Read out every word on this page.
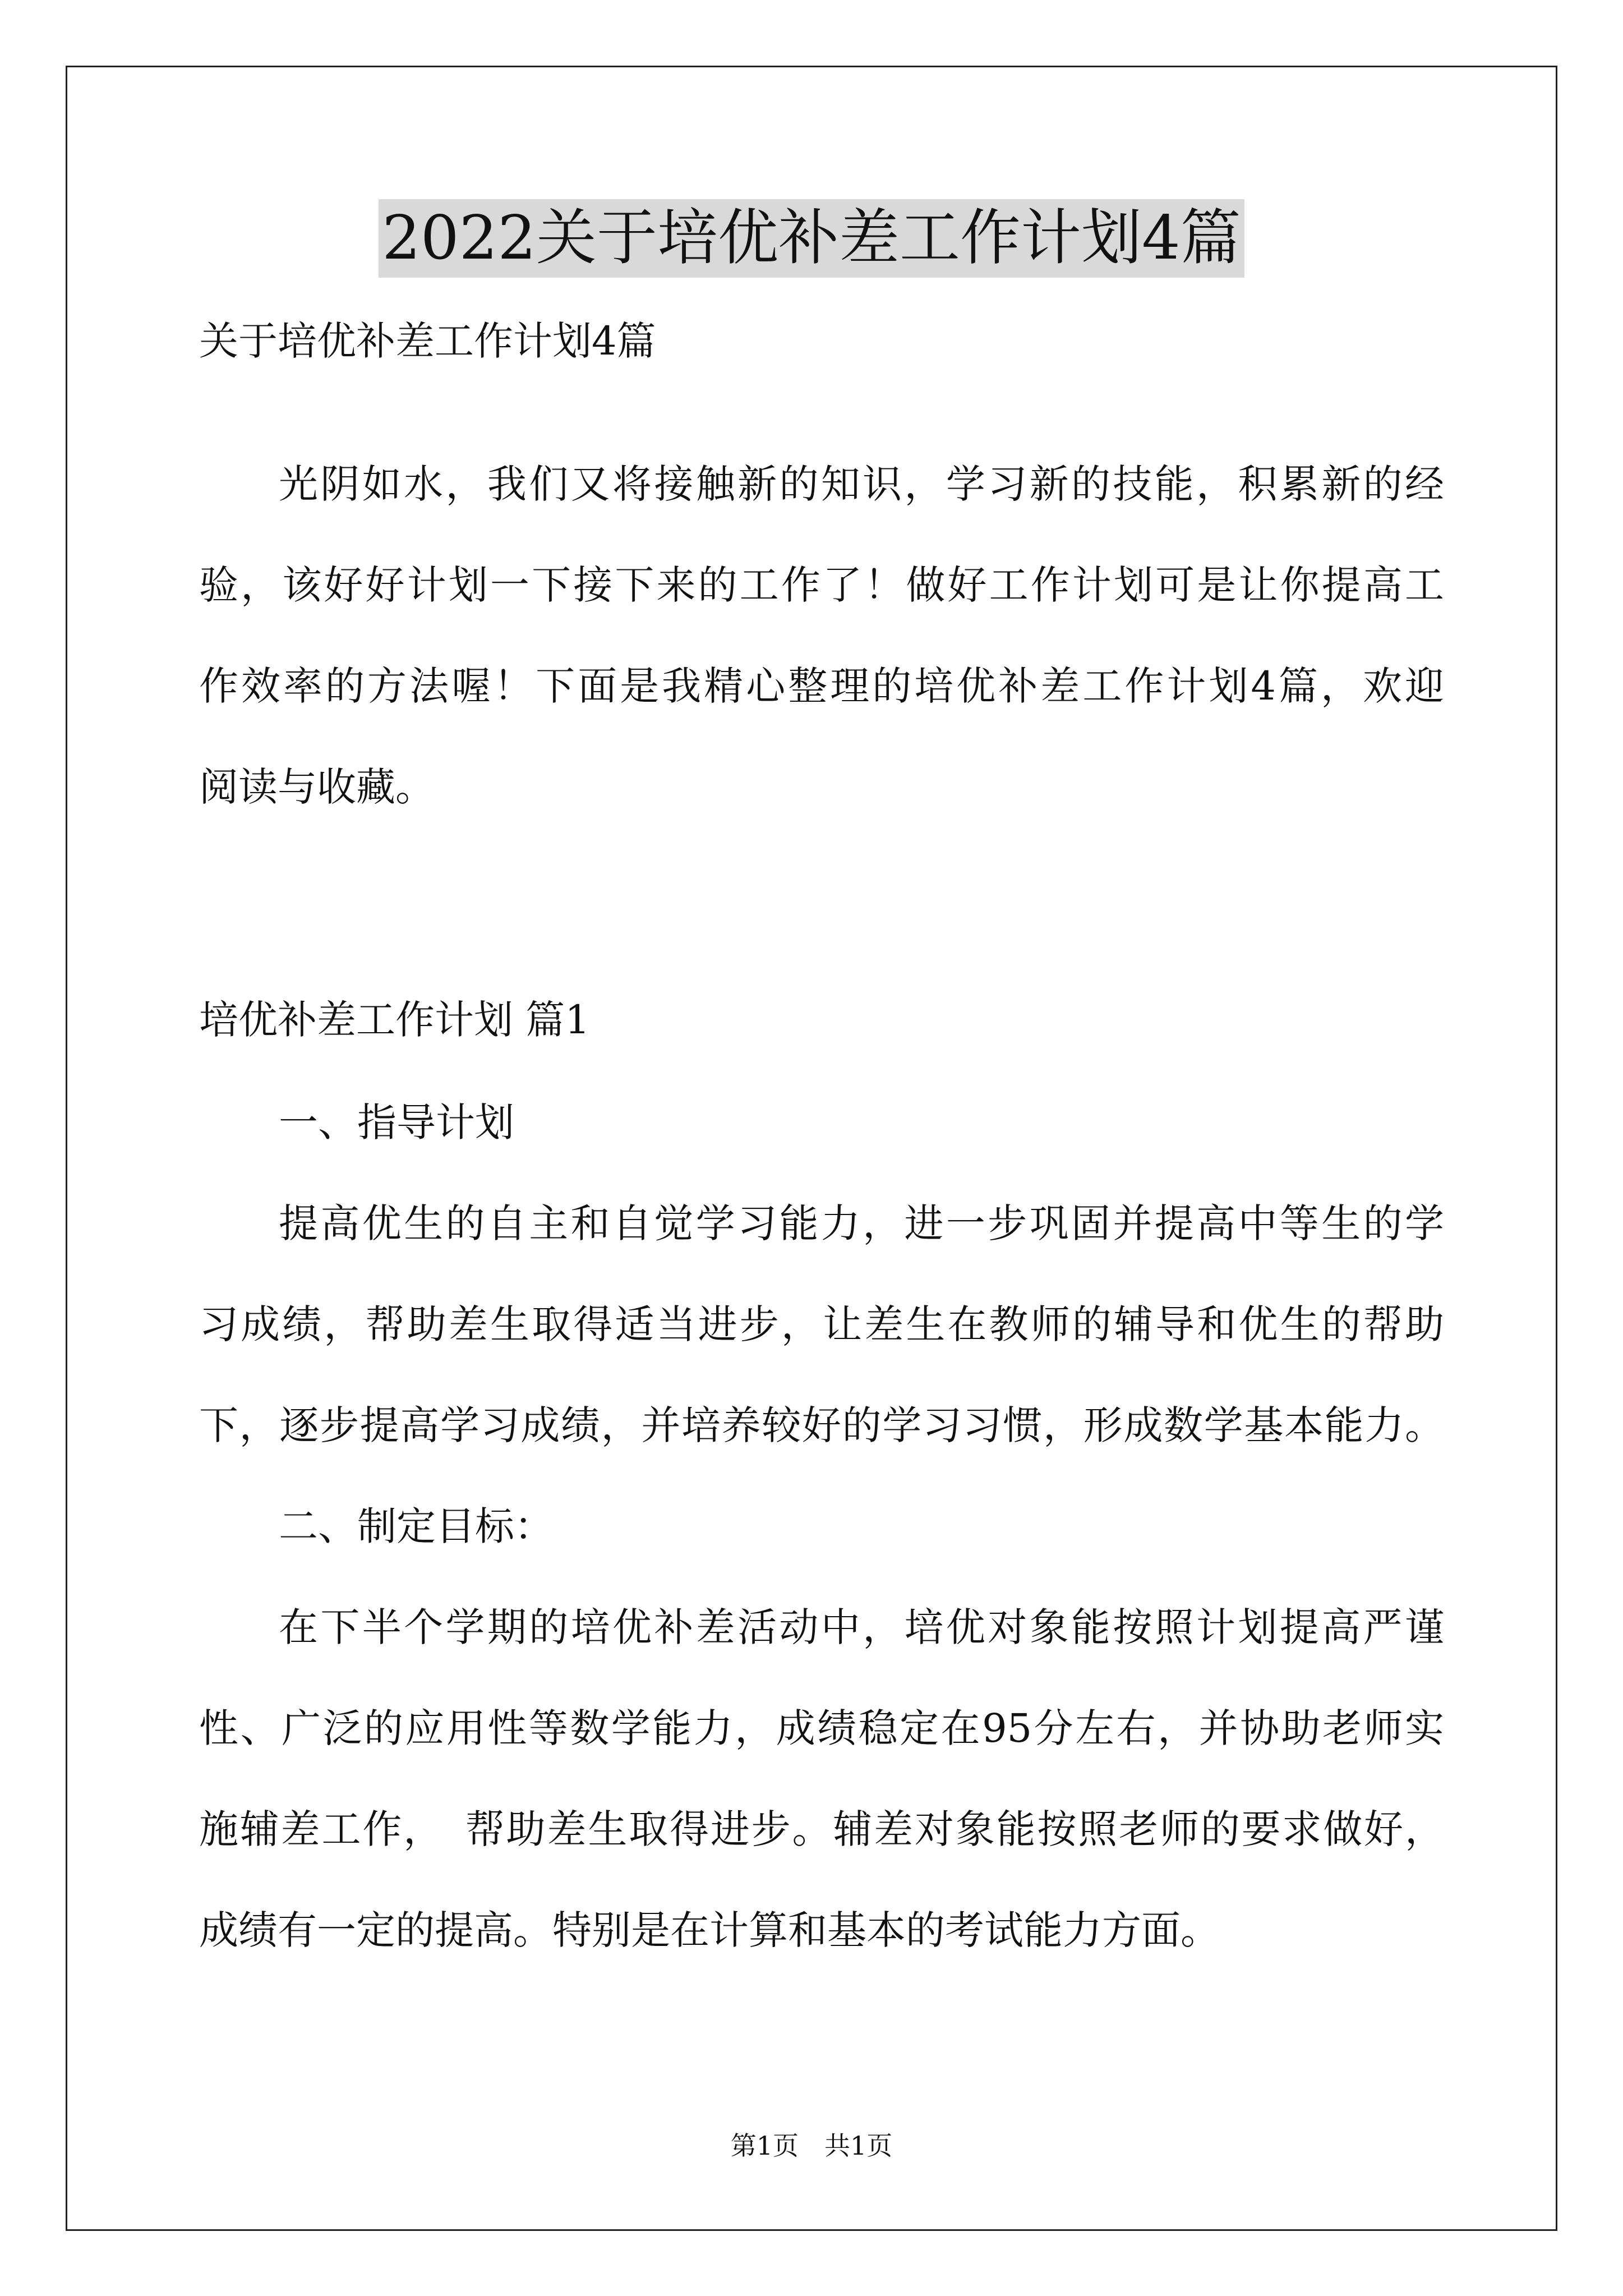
2022关于培优补差工作计划4篇
关于培优补差工作计划4篇
光阴如水，我们又将接触新的知识，学习新的技能，积累新的经
验，该好好计划一下接下来的工作了！做好工作计划可是让你提高工
作效率的方法喔！下面是我精心整理的培优补差工作计划4篇，欢迎
阅读与收藏。
培优补差工作计划 篇1
一、指导计划
提高优生的自主和自觉学习能力，进一步巩固并提高中等生的学
习成绩，帮助差生取得适当进步，让差生在教师的辅导和优生的帮助
下，逐步提高学习成绩，并培养较好的学习习惯，形成数学基本能力。
二、制定目标：
在下半个学期的培优补差活动中，培优对象能按照计划提高严谨
性、广泛的应用性等数学能力，成绩稳定在95分左右，并协助老师实
施辅差工作，　帮助差生取得进步。辅差对象能按照老师的要求做好，
成绩有一定的提高。特别是在计算和基本的考试能力方面。
第1页　共1页
